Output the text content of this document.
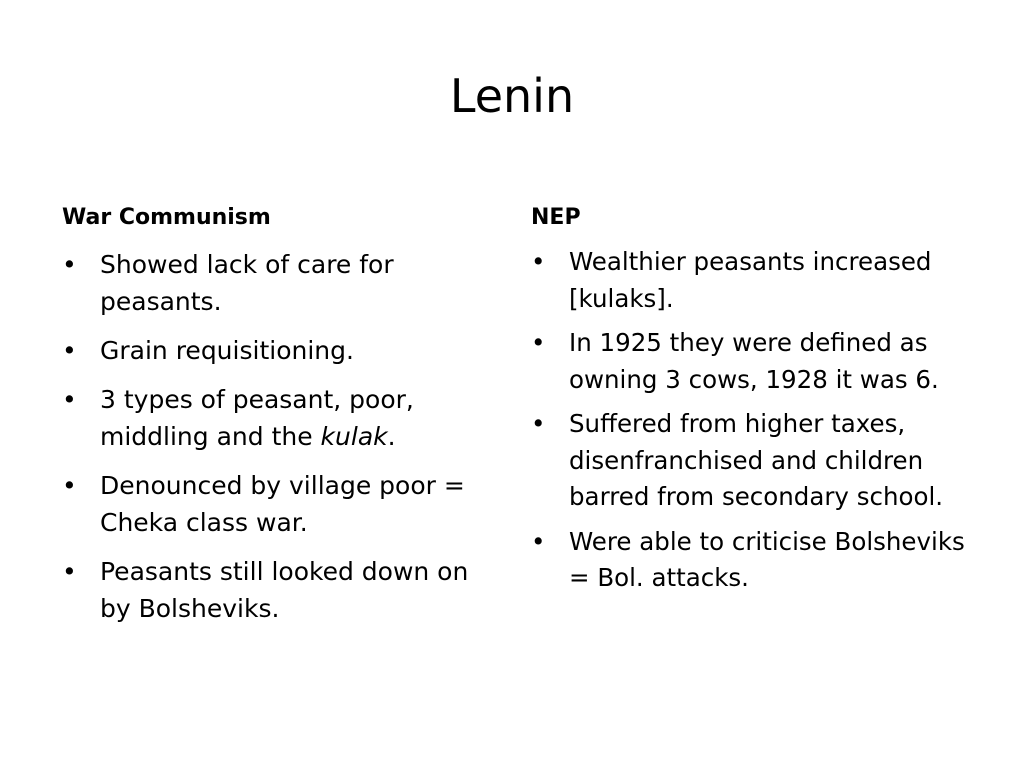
Lenin
War Communism
• Showed lack of care for peasants.
• Grain requisitioning.
• 3 types of peasant, poor, middling and the kulak.
• Denounced by village poor = Cheka class war.
• Peasants still looked down on by Bolsheviks.
NEP
• Wealthier peasants increased [kulaks].
• In 1925 they were defined as owning 3 cows, 1928 it was 6.
• Suffered from higher taxes, disenfranchised and children barred from secondary school.
• Were able to criticise Bolsheviks = Bol. attacks.
